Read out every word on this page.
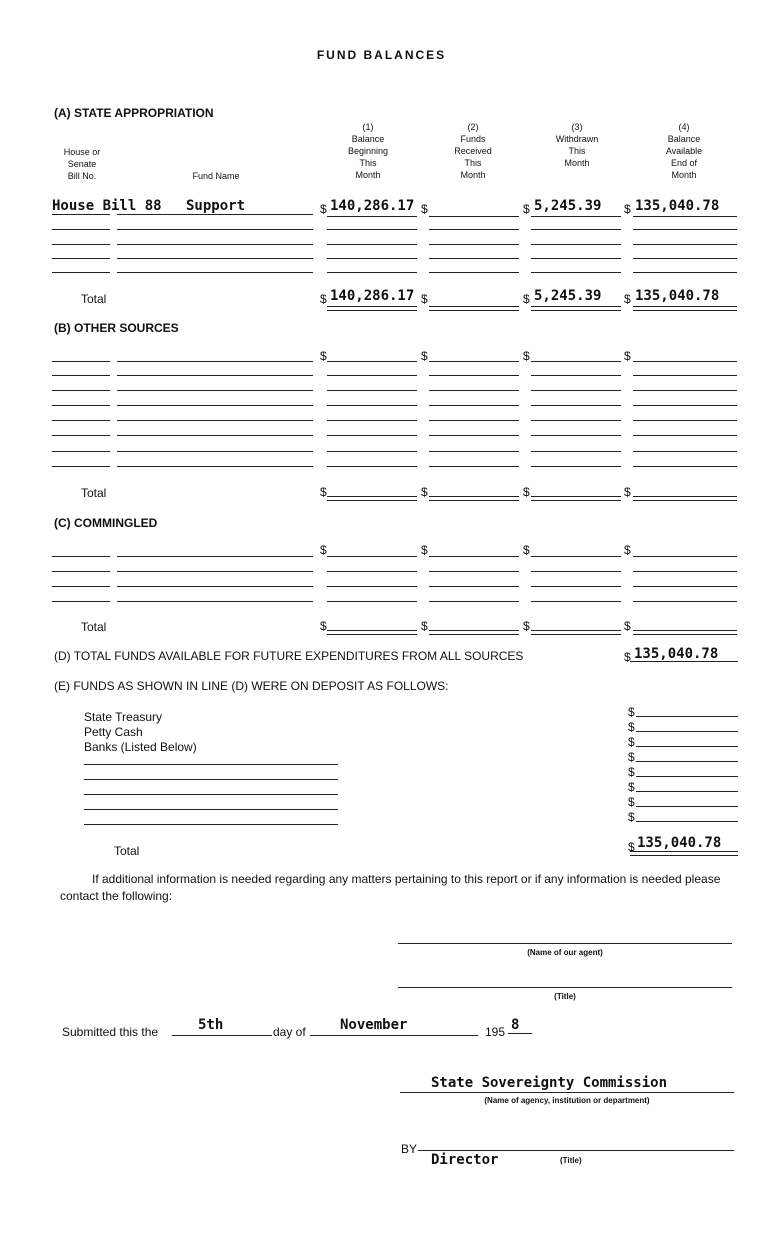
FUND BALANCES
(A) STATE APPROPRIATION
House or
Senate
Bill No.	Fund Name
(1)
Balance
Beginning
This
Month
(2)
Funds
Received
This
Month
(3)
Withdrawn
This
Month
(4)
Balance
Available
End of
Month
House Bill 88 Support	$ 140,286.17 $	$ 5,245.39 $ 135,040.78
Total	$ 140,286.17 $	$ 5,245.39 $ 135,040.78
(B) OTHER SOURCES
$	$	$	$
Total	$	$	$	$
(C) COMMINGLED
$	$	$	$
Total	$	$	$	$
(D) TOTAL FUNDS AVAILABLE FOR FUTURE EXPENDITURES FROM ALL SOURCES	$ 135,040.78
(E) FUNDS AS SHOWN IN LINE (D) WERE ON DEPOSIT AS FOLLOWS:
State Treasury
Petty Cash
Banks (Listed Below)
$
$
$
$
$
$
$
$
Total	$ 135,040.78
If additional information is needed regarding any matters pertaining to this report or if any information is needed please contact the following:
(Name of our agent)
(Title)
Submitted this the	5th	day of November	195 8
State Sovereignty Commission
(Name of agency, institution or department)
BY
Director	(Title)
